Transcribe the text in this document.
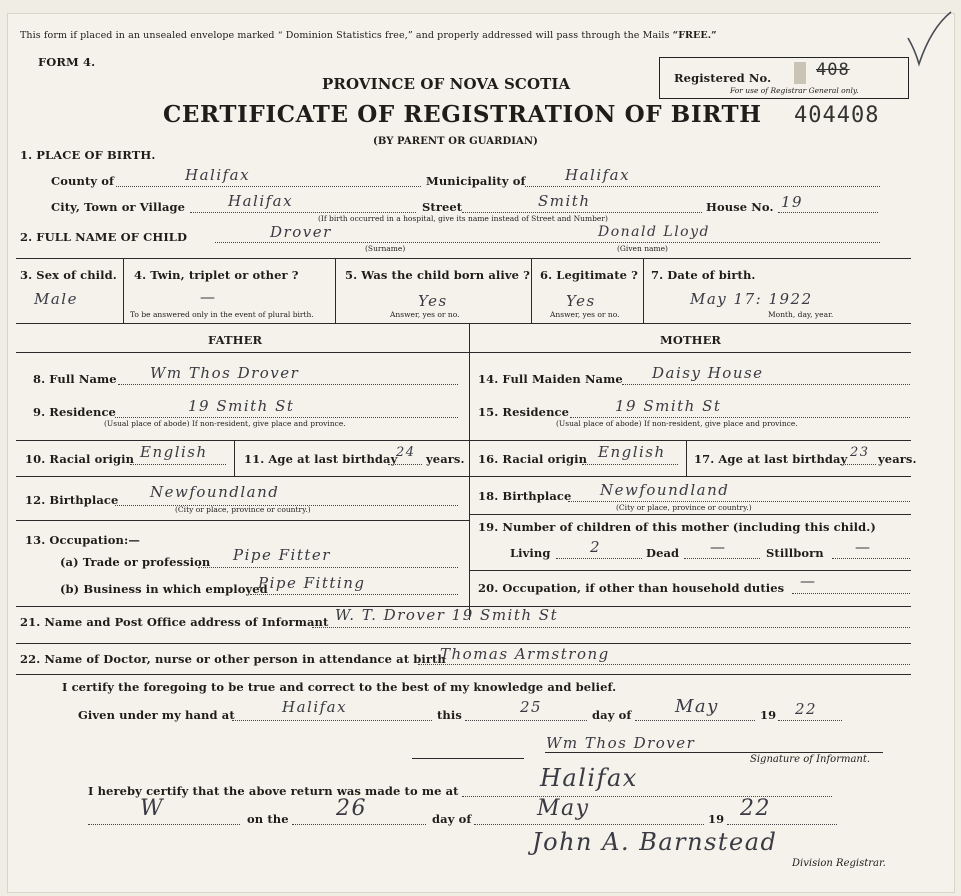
This form if placed in an unsealed envelope marked “ Dominion Statistics free,” and properly addressed will pass through the Mails “FREE.”
FORM 4.
PROVINCE OF NOVA SCOTIA
CERTIFICATE OF REGISTRATION OF BIRTH
(BY PARENT OR GUARDIAN)
Registered No.
For use of Registrar General only.
408
404408
1. PLACE OF BIRTH.
County of	Halifax	Municipality of	Halifax
City, Town or Village	Halifax	Street	Smith	House No. 19
(If birth occurred in a hospital, give its name instead of Street and Number)
2. FULL NAME OF CHILD	Drover
(Surname)
Donald Lloyd
(Given name)
3. Sex of child.
Male
4. Twin, triplet or other ?
—
To be answered only in the event of plural birth.
5. Was the child born alive ?
Yes
Answer, yes or no.
6. Legitimate ?
Yes
Answer, yes or no.
7. Date of birth.
May 17: 1922
Month, day, year.
FATHER	MOTHER
8. Full Name Wm Thos Drover
9. Residence	19 Smith St
(Usual place of abode) If non-resident, give place and province.
10. Racial origin English	11. Age at last birthday
24 years.
12. Birthplace Newfoundland
(City or place, province or country.)
13. Occupation:—
(a) Trade or profession Pipe Fitter
(b) Business in which employed
Pipe Fitting
14. Full Maiden Name Daisy House
15. Residence	19 Smith St
(Usual place of abode) If non-resident, give place and province.
16. Racial origin English 17. Age at last birthday 23 years.
18. Birthplace Newfoundland
(City or place, province or country.)
19. Number of children of this mother (including this child.)
Living	2	Dead —	Stillborn —
20. Occupation, if other than household duties —
21. Name and Post Office address of Informant W. T. Drover 19 Smith St
22. Name of Doctor, nurse or other person in attendance at birth
Thomas Armstrong
I certify the foregoing to be true and correct to the best of my knowledge and belief.
Given under my hand at	Halifax	this	25	day of May	19 22
Wm Thos Drover
Signature of Informant.
I hereby certify that the above return was made to me at	Halifax
W	on the 26	day of	May	19 22
John A. Barnstead
Division Registrar.
